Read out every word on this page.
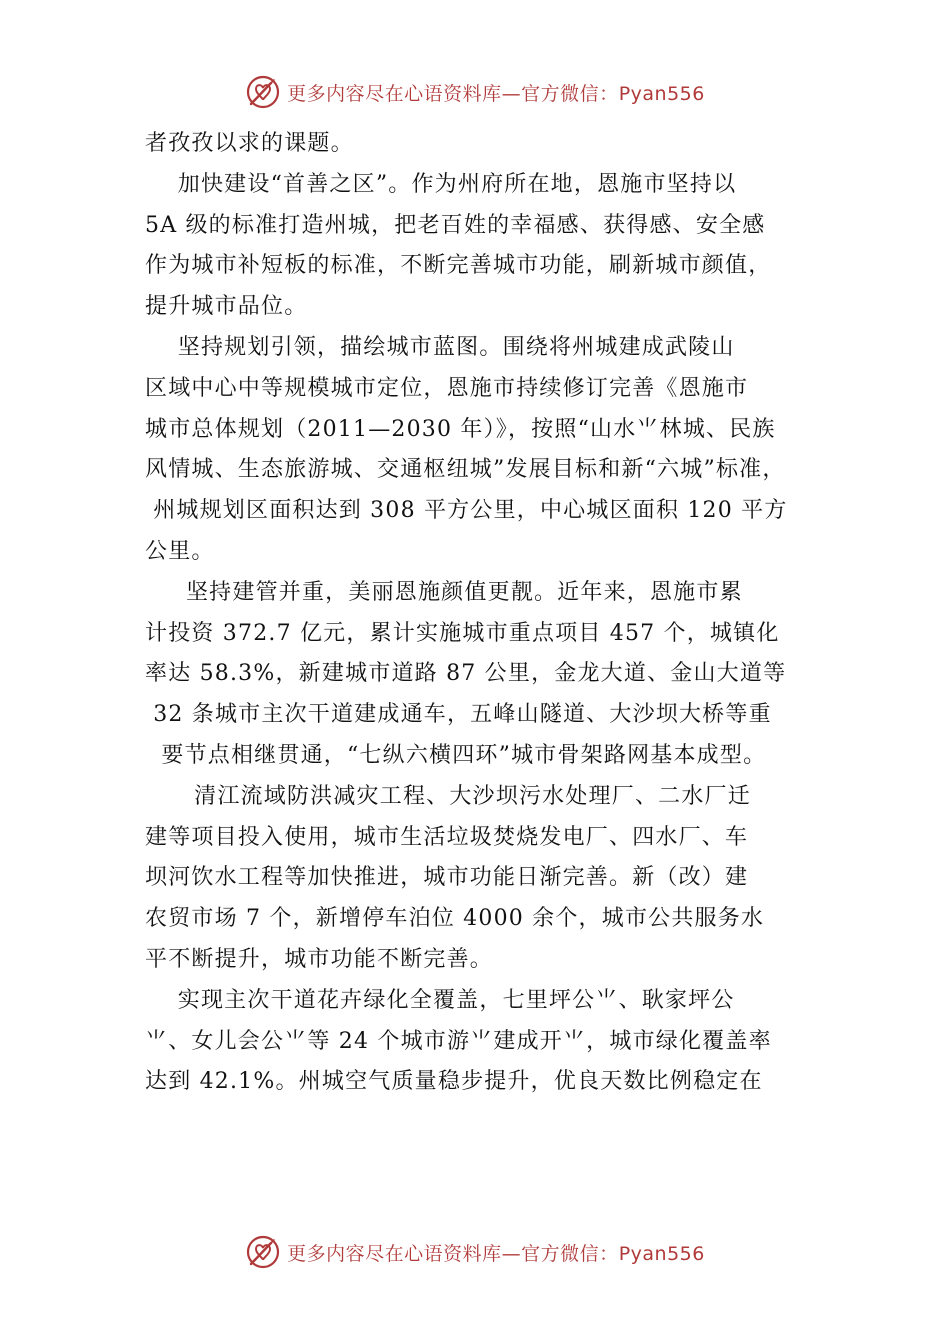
更多内容尽在心语资料库—官方微信：Pyan556
者孜孜以求的课题。
加快建设“首善之区”。作为州府所在地，恩施市坚持以
5A 级的标准打造州城，把老百姓的幸福感、获得感、安全感
作为城市补短板的标准，不断完善城市功能，刷新城市颜值，
提升城市品位。
坚持规划引领，描绘城市蓝图。围绕将州城建成武陵山
区域中心中等规模城市定位，恩施市持续修订完善《恩施市
城市总体规划（2011—2030 年）》，按照“山水⺌林城、民族
风情城、生态旅游城、交通枢纽城”发展目标和新“六城”标准，
州城规划区面积达到 308 平方公里，中心城区面积 120 平方
公里。
坚持建管并重，美丽恩施颜值更靓。近年来，恩施市累
计投资 372.7 亿元，累计实施城市重点项目 457 个，城镇化
率达 58.3%，新建城市道路 87 公里，金龙大道、金山大道等
32 条城市主次干道建成通车，五峰山隧道、大沙坝大桥等重
要节点相继贯通，“七纵六横四环”城市骨架路网基本成型。
清江流域防洪减灾工程、大沙坝污水处理厂、二水厂迁
建等项目投入使用，城市生活垃圾焚烧发电厂、四水厂、车
坝河饮水工程等加快推进，城市功能日渐完善。新（改）建
农贸市场 7 个，新增停车泊位 4000 余个，城市公共服务水
平不断提升，城市功能不断完善。
实现主次干道花卉绿化全覆盖，七里坪公⺌、耿家坪公
⺌、女儿会公⺌等 24 个城市游⺌建成开⺌，城市绿化覆盖率
达到 42.1%。州城空气质量稳步提升，优良天数比例稳定在
更多内容尽在心语资料库—官方微信：Pyan556
